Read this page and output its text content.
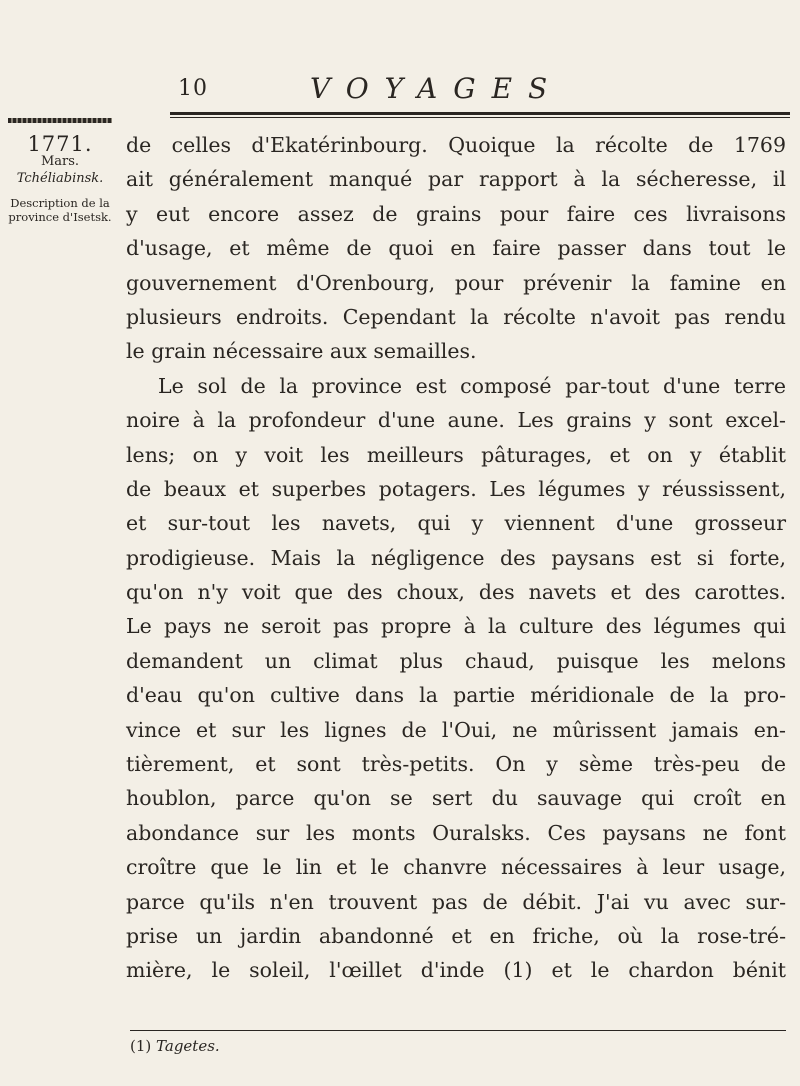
10	VOYAGES
1771.
Mars.
Tchéliabinsk.
Description de la
province d'Isetsk.
de celles d'Ekatérinbourg. Quoique la récolte de 1769
ait généralement manqué par rapport à la sécheresse, il
y eut encore assez de grains pour faire ces livraisons
d'usage, et même de quoi en faire passer dans tout le
gouvernement d'Orenbourg, pour prévenir la famine en
plusieurs endroits. Cependant la récolte n'avoit pas rendu
le grain nécessaire aux semailles.
Le sol de la province est composé par-tout d'une terre
noire à la profondeur d'une aune. Les grains y sont excel-
lens; on y voit les meilleurs pâturages, et on y établit
de beaux et superbes potagers. Les légumes y réussissent,
et sur-tout les navets, qui y viennent d'une grosseur
prodigieuse. Mais la négligence des paysans est si forte,
qu'on n'y voit que des choux, des navets et des carottes.
Le pays ne seroit pas propre à la culture des légumes qui
demandent un climat plus chaud, puisque les melons
d'eau qu'on cultive dans la partie méridionale de la pro-
vince et sur les lignes de l'Oui, ne mûrissent jamais en-
tièrement, et sont très-petits. On y sème très-peu de
houblon, parce qu'on se sert du sauvage qui croît en
abondance sur les monts Ouralsks. Ces paysans ne font
croître que le lin et le chanvre nécessaires à leur usage,
parce qu'ils n'en trouvent pas de débit. J'ai vu avec sur-
prise un jardin abandonné et en friche, où la rose-tré-
mière, le soleil, l'œillet d'inde (1) et le chardon bénit
(1) Tagetes.
